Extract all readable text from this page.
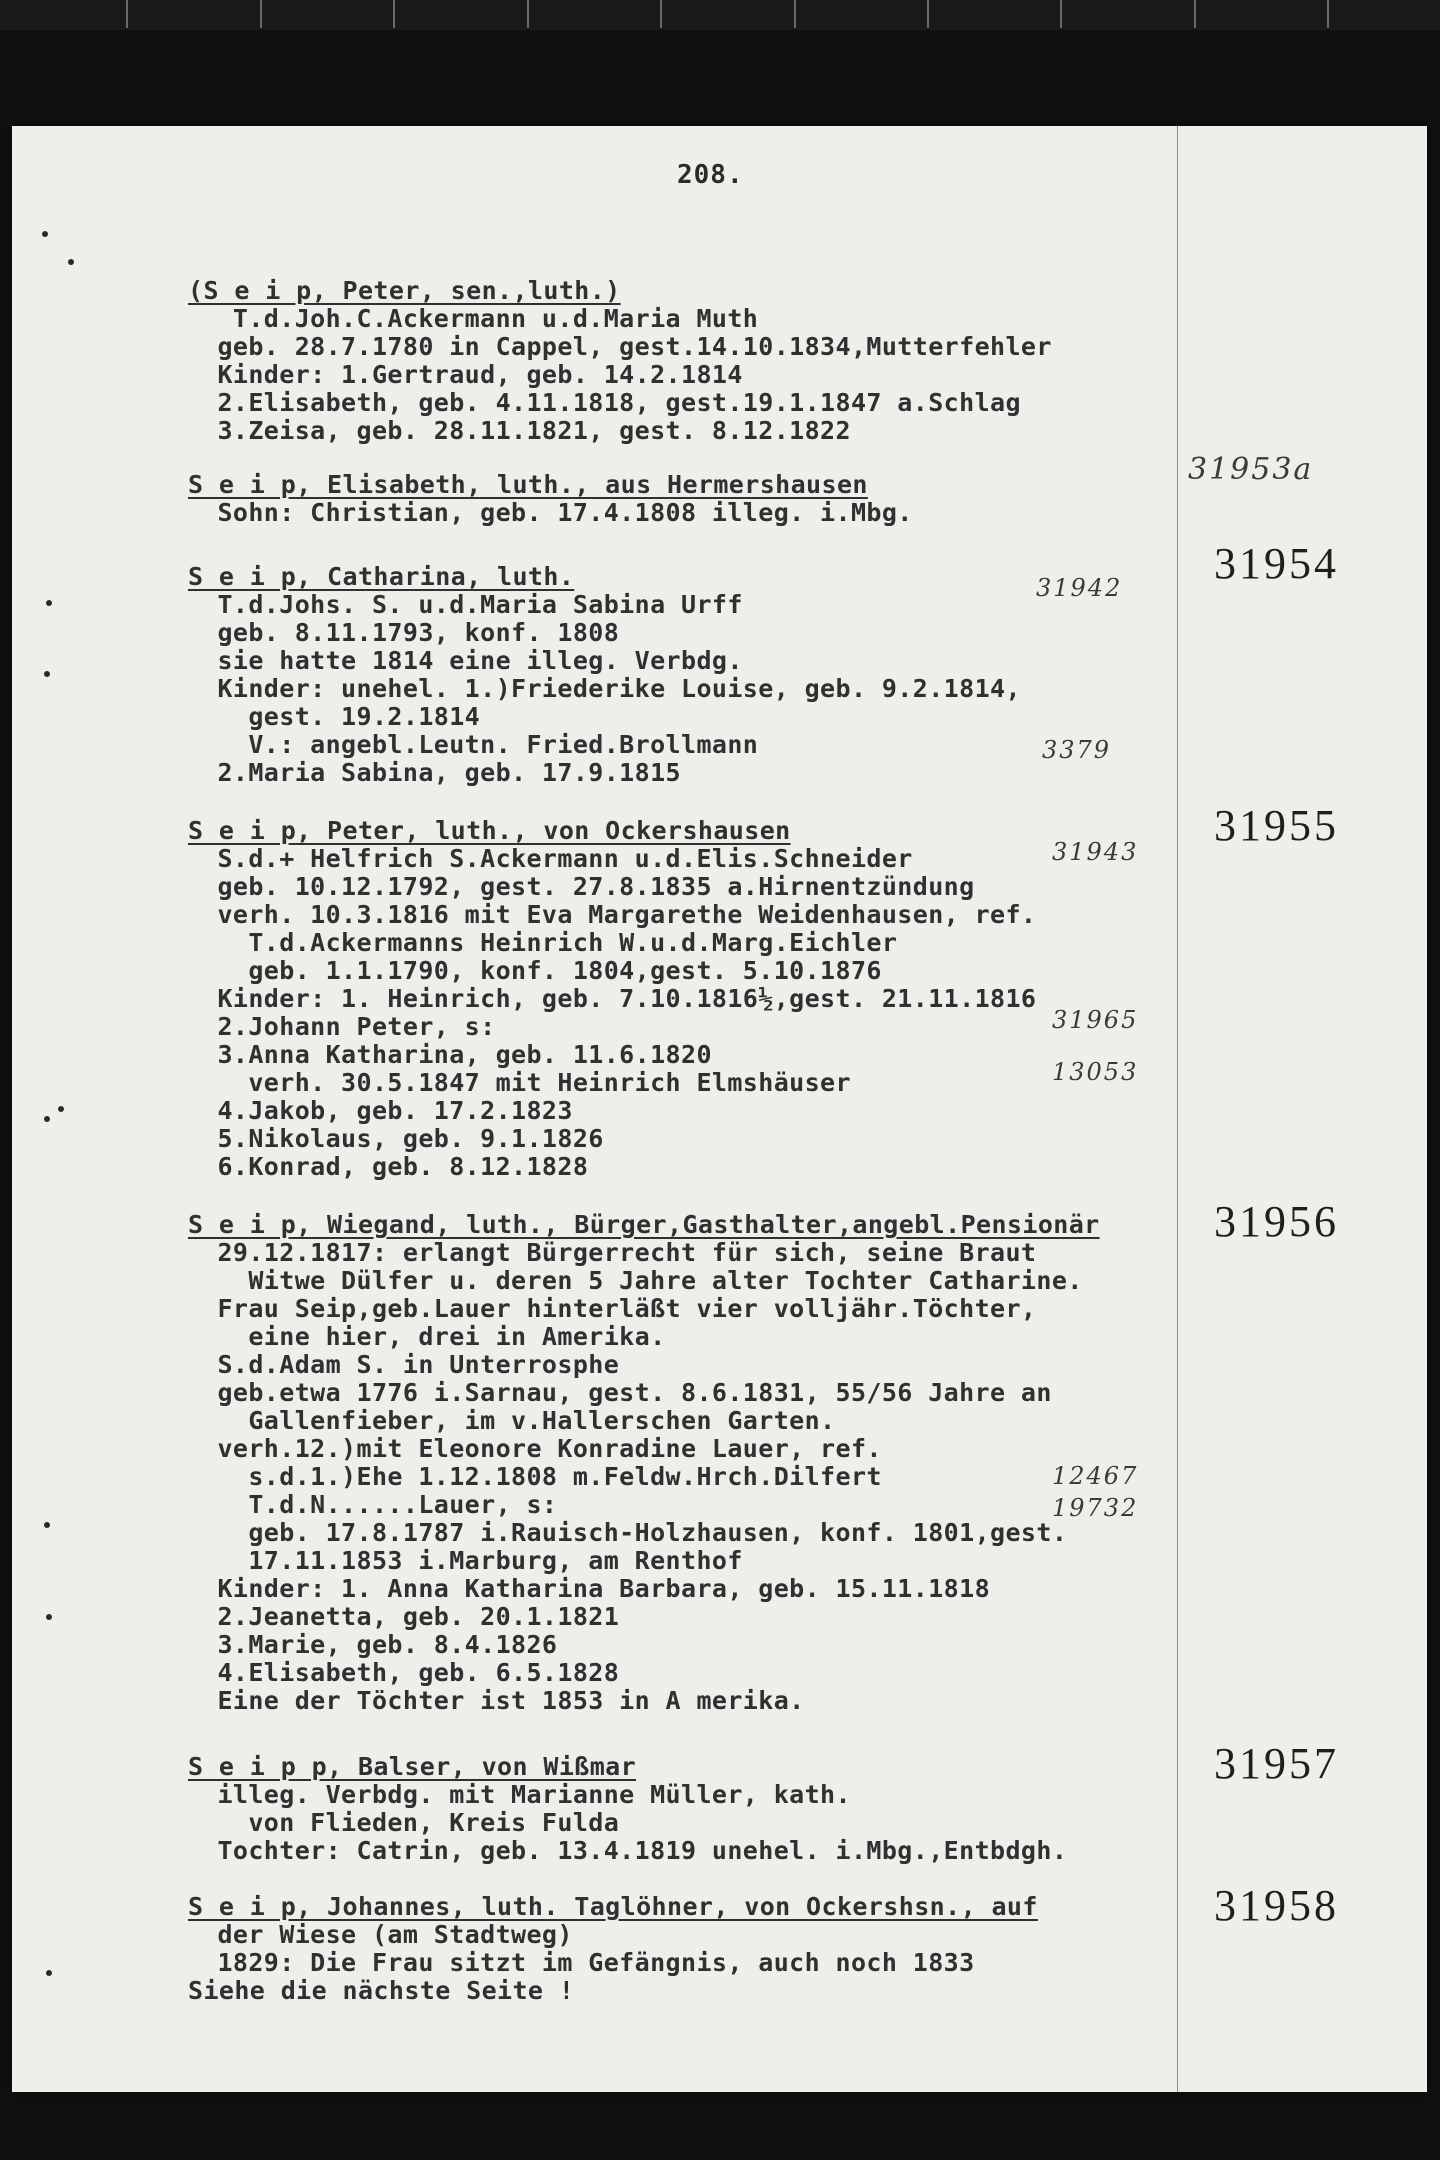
208.
(S e i p, Peter, sen.,luth.)
T.d.Joh.C.Ackermann u.d.Maria Muth
geb. 28.7.1780 in Cappel, gest.14.10.1834,Mutterfehler
Kinder: 1.Gertraud, geb. 14.2.1814
2.Elisabeth, geb. 4.11.1818, gest.19.1.1847 a.Schlag
3.Zeisa, geb. 28.11.1821, gest. 8.12.1822
31953a
S e i p, Elisabeth, luth., aus Hermershausen
Sohn: Christian, geb. 17.4.1808 illeg. i.Mbg.
31954
31942
3379
S e i p, Catharina, luth.
T.d.Johs. S. u.d.Maria Sabina Urff
geb. 8.11.1793, konf. 1808
sie hatte 1814 eine illeg. Verbdg.
Kinder: unehel. 1.)Friederike Louise, geb. 9.2.1814,
gest. 19.2.1814
V.: angebl.Leutn. Fried.Brollmann
2.Maria Sabina, geb. 17.9.1815
31955
31943
31965
13053
S e i p, Peter, luth., von Ockershausen
S.d.+ Helfrich S.Ackermann u.d.Elis.Schneider
geb. 10.12.1792, gest. 27.8.1835 a.Hirnentzündung
verh. 10.3.1816 mit Eva Margarethe Weidenhausen, ref.
T.d.Ackermanns Heinrich W.u.d.Marg.Eichler
geb. 1.1.1790, konf. 1804,gest. 5.10.1876
Kinder: 1. Heinrich, geb. 7.10.1816½,gest. 21.11.1816
2.Johann Peter, s:
3.Anna Katharina, geb. 11.6.1820
verh. 30.5.1847 mit Heinrich Elmshäuser
4.Jakob, geb. 17.2.1823
5.Nikolaus, geb. 9.1.1826
6.Konrad, geb. 8.12.1828
31956
12467
19732
S e i p, Wiegand, luth., Bürger,Gasthalter,angebl.Pensionär
29.12.1817: erlangt Bürgerrecht für sich, seine Braut
Witwe Dülfer u. deren 5 Jahre alter Tochter Catharine.
Frau Seip,geb.Lauer hinterläßt vier volljähr.Töchter,
eine hier, drei in Amerika.
S.d.Adam S. in Unterrosphe
geb.etwa 1776 i.Sarnau, gest. 8.6.1831, 55/56 Jahre an
Gallenfieber, im v.Hallerschen Garten.
verh.12.)mit Eleonore Konradine Lauer, ref.
s.d.1.)Ehe 1.12.1808 m.Feldw.Hrch.Dilfert
T.d.N......Lauer, s:
geb. 17.8.1787 i.Rauisch-Holzhausen, konf. 1801,gest.
17.11.1853 i.Marburg, am Renthof
Kinder: 1. Anna Katharina Barbara, geb. 15.11.1818
2.Jeanetta, geb. 20.1.1821
3.Marie, geb. 8.4.1826
4.Elisabeth, geb. 6.5.1828
Eine der Töchter ist 1853 in A merika.
31957
S e i p p, Balser, von Wißmar
illeg. Verbdg. mit Marianne Müller, kath.
von Flieden, Kreis Fulda
Tochter: Catrin, geb. 13.4.1819 unehel. i.Mbg.,Entbdgh.
31958
S e i p, Johannes, luth. Taglöhner, von Ockershsn., auf
der Wiese (am Stadtweg)
1829: Die Frau sitzt im Gefängnis, auch noch 1833
Siehe die nächste Seite !
